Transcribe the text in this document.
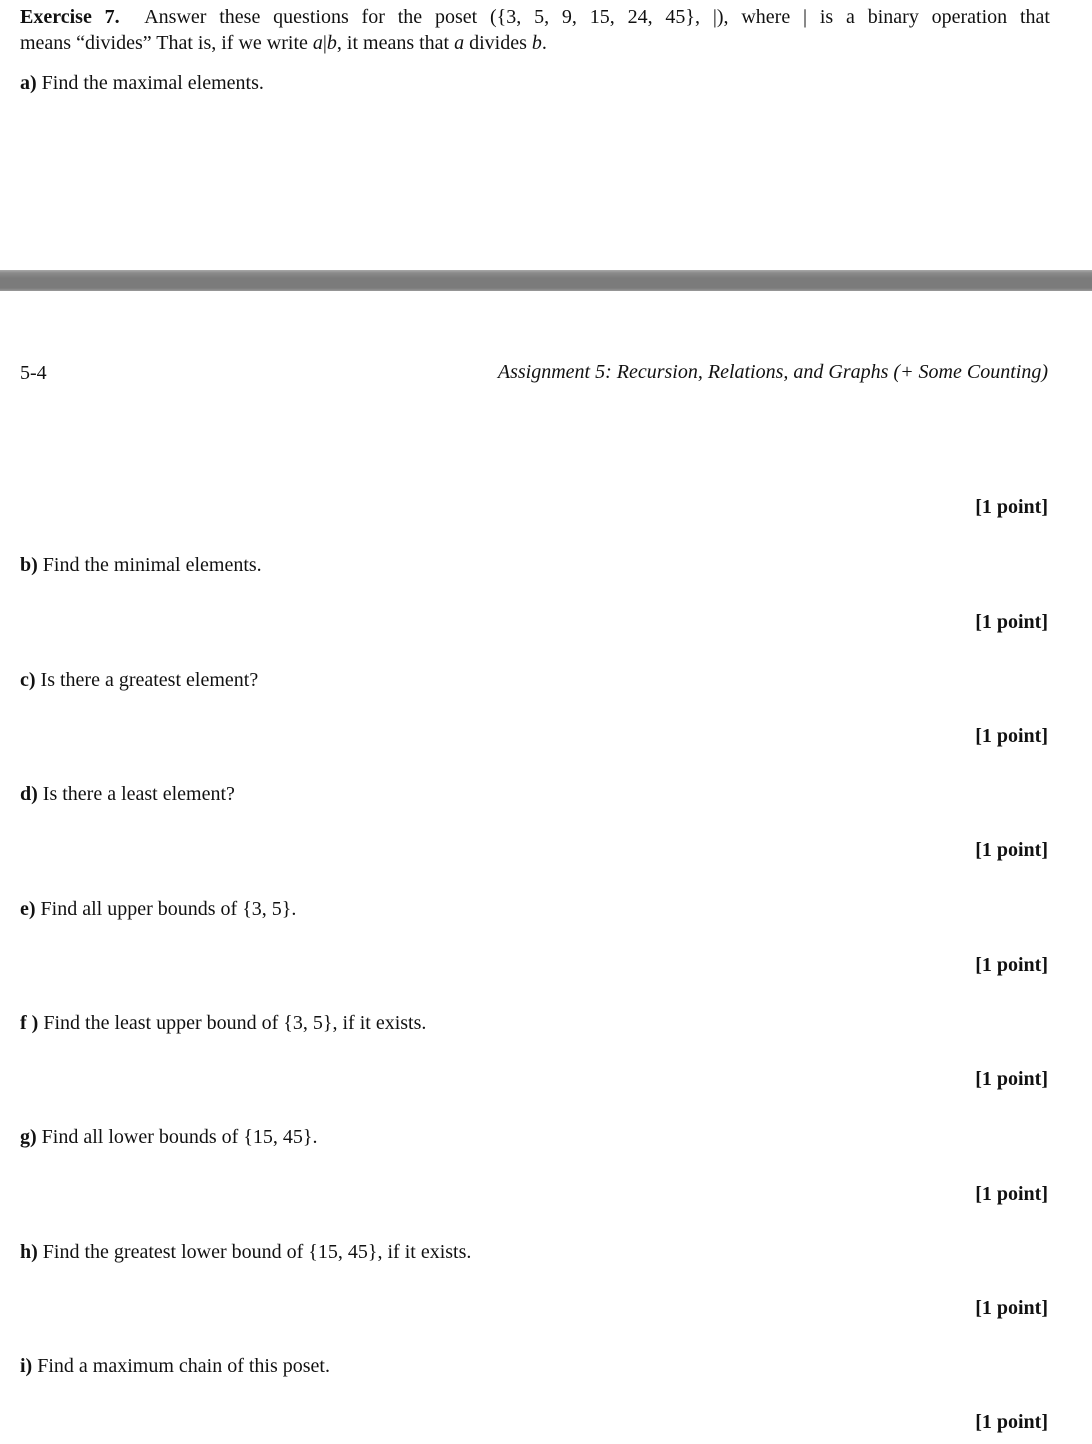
Exercise 7. Answer these questions for the poset ({3, 5, 9, 15, 24, 45}, |), where | is a binary operation that
means “divides” That is, if we write a|b, it means that a divides b.
a) Find the maximal elements.
5-4	Assignment 5: Recursion, Relations, and Graphs (+ Some Counting)
[1 point]
b) Find the minimal elements.
[1 point]
c) Is there a greatest element?
[1 point]
d) Is there a least element?
[1 point]
e) Find all upper bounds of {3, 5}.
[1 point]
f ) Find the least upper bound of {3, 5}, if it exists.
[1 point]
g) Find all lower bounds of {15, 45}.
[1 point]
h) Find the greatest lower bound of {15, 45}, if it exists.
[1 point]
i) Find a maximum chain of this poset.
[1 point]
